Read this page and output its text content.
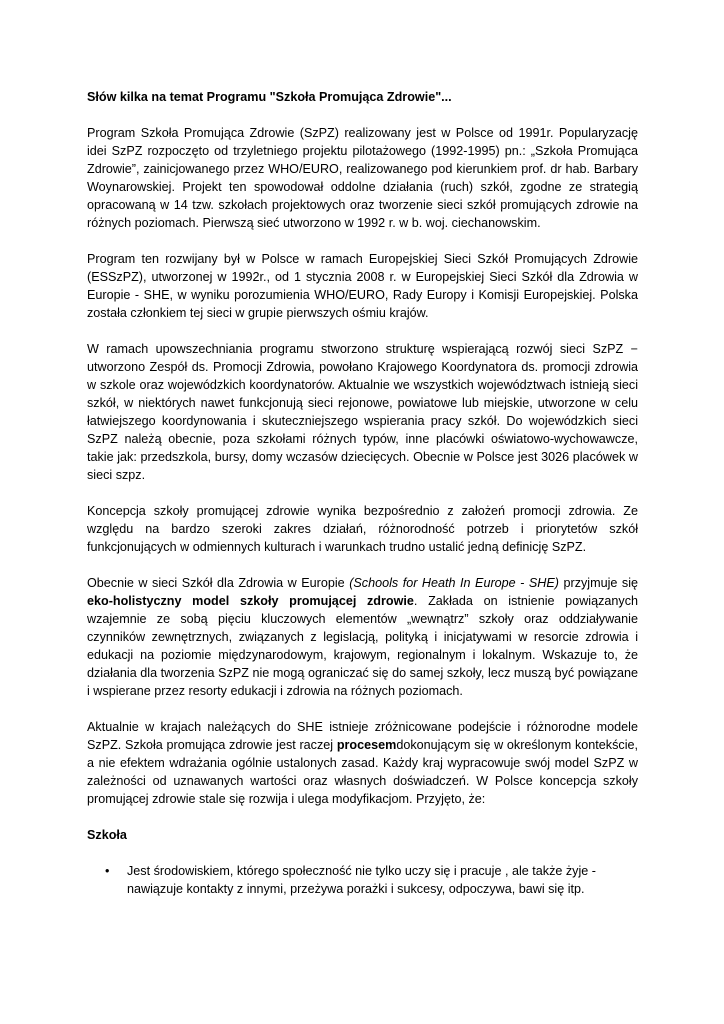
Słów kilka na temat Programu "Szkoła Promująca Zdrowie"...

Program Szkoła Promująca Zdrowie (SzPZ) realizowany jest w Polsce od 1991r. Popularyzację idei SzPZ rozpoczęto od trzyletniego projektu pilotażowego (1992-1995) pn.: „Szkoła Promująca Zdrowie”, zainicjowanego przez WHO/EURO, realizowanego pod kierunkiem prof. dr hab. Barbary Woynarowskiej. Projekt ten spowodował oddolne działania (ruch) szkół, zgodne ze strategią opracowaną w 14 tzw. szkołach projektowych oraz tworzenie sieci szkół promujących zdrowie na różnych poziomach. Pierwszą sieć utworzono w 1992 r. w b. woj. ciechanowskim.

Program ten rozwijany był w Polsce w ramach Europejskiej Sieci Szkół Promujących Zdrowie (ESSzPZ), utworzonej w 1992r., od 1 stycznia 2008 r. w Europejskiej Sieci Szkół dla Zdrowia w Europie - SHE, w wyniku porozumienia WHO/EURO, Rady Europy i Komisji Europejskiej. Polska została członkiem tej sieci w grupie pierwszych ośmiu krajów.

W ramach upowszechniania programu stworzono strukturę wspierającą rozwój sieci SzPZ − utworzono Zespół ds. Promocji Zdrowia, powołano Krajowego Koordynatora ds. promocji zdrowia w szkole oraz wojewódzkich koordynatorów. Aktualnie we wszystkich województwach istnieją sieci szkół, w niektórych nawet funkcjonują sieci rejonowe, powiatowe lub miejskie, utworzone w celu łatwiejszego koordynowania i skuteczniejszego wspierania pracy szkół. Do wojewódzkich sieci SzPZ należą obecnie, poza szkołami różnych typów, inne placówki oświatowo-wychowawcze, takie jak: przedszkola, bursy, domy wczasów dziecięcych. Obecnie w Polsce jest 3026 placówek w sieci szpz.

Koncepcja szkoły promującej zdrowie wynika bezpośrednio z założeń promocji zdrowia. Ze względu na bardzo szeroki zakres działań, różnorodność potrzeb i priorytetów szkół funkcjonujących w odmiennych kulturach i warunkach trudno ustalić jedną definicję SzPZ.

Obecnie w sieci Szkół dla Zdrowia w Europie (Schools for Heath In Europe - SHE) przyjmuje się eko-holistyczny model szkoły promującej zdrowie. Zakłada on istnienie powiązanych wzajemnie ze sobą pięciu kluczowych elementów „wewnątrz” szkoły oraz oddziaływanie czynników zewnętrznych, związanych z legislacją, polityką i inicjatywami w resorcie zdrowia i edukacji na poziomie międzynarodowym, krajowym, regionalnym i lokalnym. Wskazuje to, że działania dla tworzenia SzPZ nie mogą ograniczać się do samej szkoły, lecz muszą być powiązane i wspierane przez resorty edukacji i zdrowia na różnych poziomach.

Aktualnie w krajach należących do SHE istnieje zróżnicowane podejście i różnorodne modele SzPZ. Szkoła promująca zdrowie jest raczej procesemdokonującym się w określonym kontekście, a nie efektem wdrażania ogólnie ustalonych zasad. Każdy kraj wypracowuje swój model SzPZ w zależności od uznawanych wartości oraz własnych doświadczeń. W Polsce koncepcja szkoły promującej zdrowie stale się rozwija i ulega modyfikacjom. Przyjęto, że:

Szkoła
• Jest środowiskiem, którego społeczność nie tylko uczy się i pracuje , ale także żyje - nawiązuje kontakty z innymi, przeżywa porażki i sukcesy, odpoczywa, bawi się itp.
